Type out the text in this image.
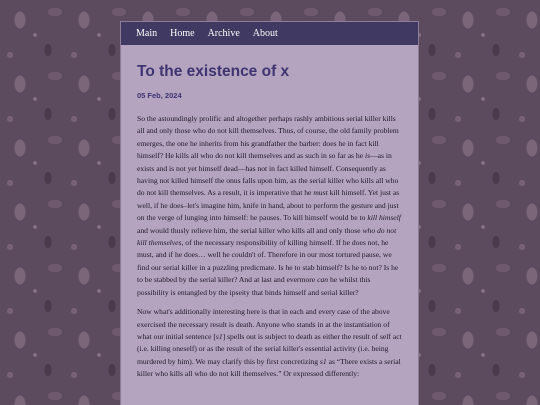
Main Home Archive About
To the existence of x
05 Feb, 2024

So the astoundingly prolific and altogether perhaps rashly ambitious serial killer kills all and only those who do not kill themselves. Thus, of course, the old family problem emerges, the one he inherits from his grandfather the barber: does he in fact kill himself? He kills all who do not kill themselves and as such in so far as he is—as in exists and is not yet himself dead—has not in fact killed himself. Consequently as having not killed himself the onus falls upon him, as the serial killer who kills all who do not kill themselves. As a result, it is imperative that he must kill himself. Yet just as well, if he does–let's imagine him, knife in hand, about to perform the gesture and just on the verge of lunging into himself: he pauses. To kill himself would be to kill himself and would thusly relieve him, the serial killer who kills all and only those who do not kill themselves, of the necessary responsibility of killing himself. If he does not, he must, and if he does… well he couldn't of. Therefore in our most tortured pause, we find our serial killer in a puzzling predicmate. Is he to stab himself? Is he to not? Is he to be stabbed by the serial killer? And at last and evermore can he whilst this possibility is entangled by the ipseity that binds himself and serial killer?

Now what's additionally interesting here is that in each and every case of the above exercised the necessary result is death. Anyone who stands in at the instantiation of what our initial sentence [s1] spells out is subject to death as either the result of self act (i.e. killing oneself) or as the result of the serial killer's essential activity (i.e. being murdered by him). We may clarify this by first concretizing s1 as “There exists a serial killer who kills all who do not kill themselves.” Or expressed differently:
